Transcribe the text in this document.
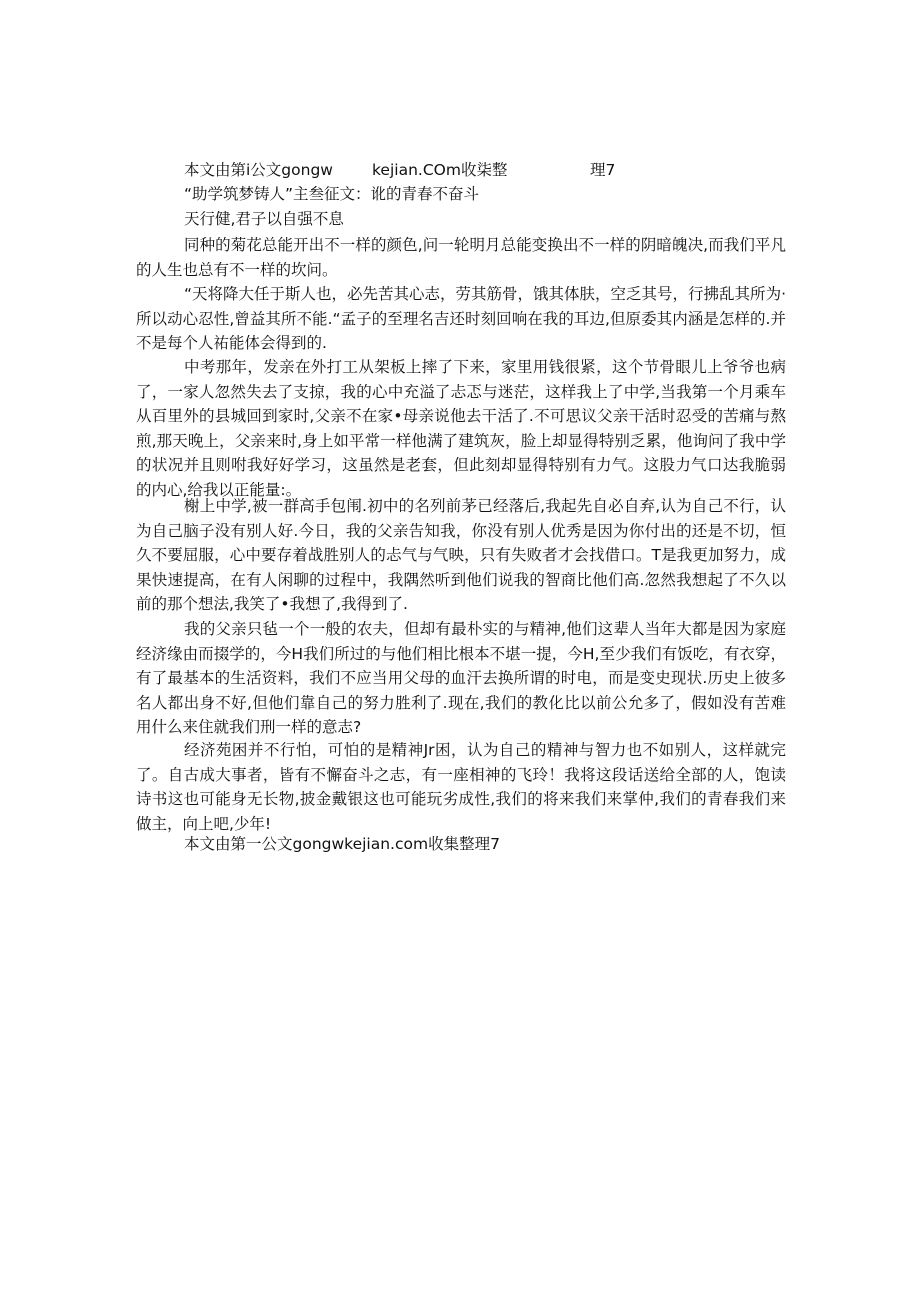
本文由第i公文gongw	kejian.COm收柒整	理7
“助学筑梦铸人”主叁征文：讹的青春不奋斗
天行健,君子以自强不息

同种的菊花总能开出不一样的颜色,问一轮明月总能变换出不一样的阴暗魄决,而我们平凡的人生也总有不一样的坎问。

“天将降大任于斯人也，必先苦其心志，劳其筋骨，饿其体肤，空乏其号，行拂乱其所为·所以动心忍性,曾益其所不能.“孟子的至理名吉还时刻回响在我的耳边,但原委其内涵是怎样的.并不是每个人祐能体会得到的.

中考那年，发亲在外打工从架板上摔了下来，家里用钱很紧，这个节骨眼儿上爷爷也病了，一家人忽然失去了支掠，我的心中充溢了忐忑与迷茫，这样我上了中学,当我第一个月乘车从百里外的县城回到家时,父亲不在家•母亲说他去干活了.不可思议父亲干活时忍受的苦痛与熬煎,那天晚上，父亲来时,身上如平常一样他满了建筑灰，脸上却显得特别乏累，他询问了我中学的状况并且则咐我好好学习，这虽然是老套，但此刻却显得特别有力气。这股力气口达我脆弱的内心,给我以正能量:。

榭上中学,被一群高手包闱.初中的名列前茅已经落后,我起先自必自弃,认为自己不行，认为自己脑子没有别人好.今日，我的父亲告知我，你没有别人优秀是因为你付出的还是不切，恒久不要屈服，心中要存着战胜别人的忐气与气映，只有失败者才会找借口。T是我更加努力，成果快速提高，在有人闲聊的过程中，我隅然听到他们说我的智商比他们高.忽然我想起了不久以前的那个想法,我笑了•我想了,我得到了.

我的父亲只毡一个一般的农夫，但却有最朴实的与精神,他们这辈人当年大都是因为家庭经济缘由而掇学的，今H我们所过的与他们相比根本不堪一提，今H,至少我们有饭吃，有衣穿，有了最基本的生活资料，我们不应当用父母的血汗去换所谓的时电，而是变史现状.历史上彼多名人都出身不好,但他们靠自己的努力胜利了.现在,我们的教化比以前公允多了，假如没有苦难用什么来住就我们刑一样的意志?

经济苑困并不行怕，可怕的是精神Jr困，认为自己的精神与智力也不如别人，这样就完了。自古成大事者，皆有不懈奋斗之志，有一座相神的飞玲！我将这段话送给全部的人，饱读诗书这也可能身无长物,披金戴银这也可能玩劣成性,我们的将来我们来掌仲,我们的青春我们来做主，向上吧,少年!

本文由第一公文gongwkejian.com收集整理7
